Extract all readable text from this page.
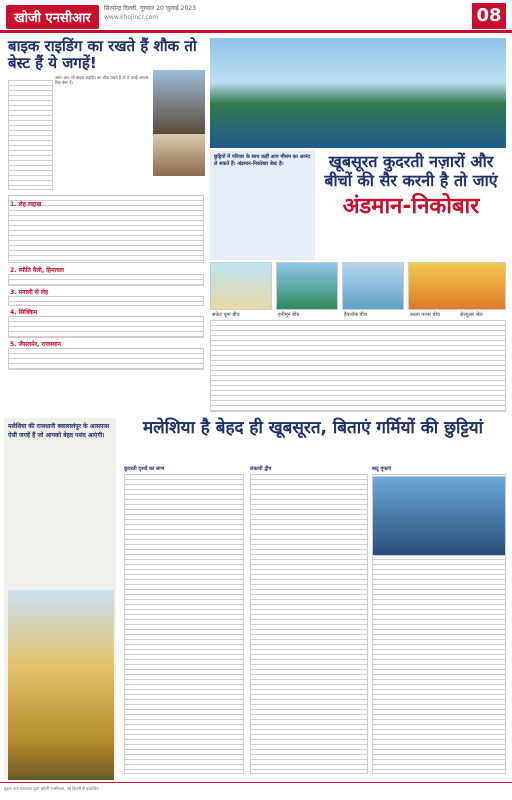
खोजी एनसीआर
सिरसेन्द्र दिल्ली, गुरुवार 20 जुलाई 2023
www.khojincr.com	08
बाइक राइडिंग का रखते हैं शौक तो बेस्ट हैं ये जगहें!
अगर आप भी बाइक राइडिंग का शौक रखते हैं तो ये जगहें आपके लिए बेस्ट हैं।
1. लेह लद्दाख
2. स्पीति वैली, हिमाचल
3. मनाली से लेह
4. सिक्किम
5. जैसलमेर, राजस्थान
छुट्टियों में परिवार के साथ कहीं आप मौसम का आनंद ले सकते हैं। अंडमान-निकोबार बेस्ट है।	खूबसूरत कुदरती नज़ारों और बीचों की सैर करनी है तो जाएं
अंडमान-निकोबार
सफेद चूना बीच	हनीमून बीच	हैवलॉक बीच	काला पत्थर बीच	सेल्युलर जेल
मलेशिया की राजधानी क्वालालंपुर के आसपास ऐसी जगहें हैं जो आपको बेहद पसंद आएंगी।	मलेशिया है बेहद ही खूबसूरत, बिताएं गर्मियों की छुट्टियां
कुदरती दृश्यों का लाभ	लंकावी द्वीप	बाटू गुफाएं
मुद्रक तथा प्रकाशक द्वारा खोजी एनसीआर, नई दिल्ली से प्रकाशित
